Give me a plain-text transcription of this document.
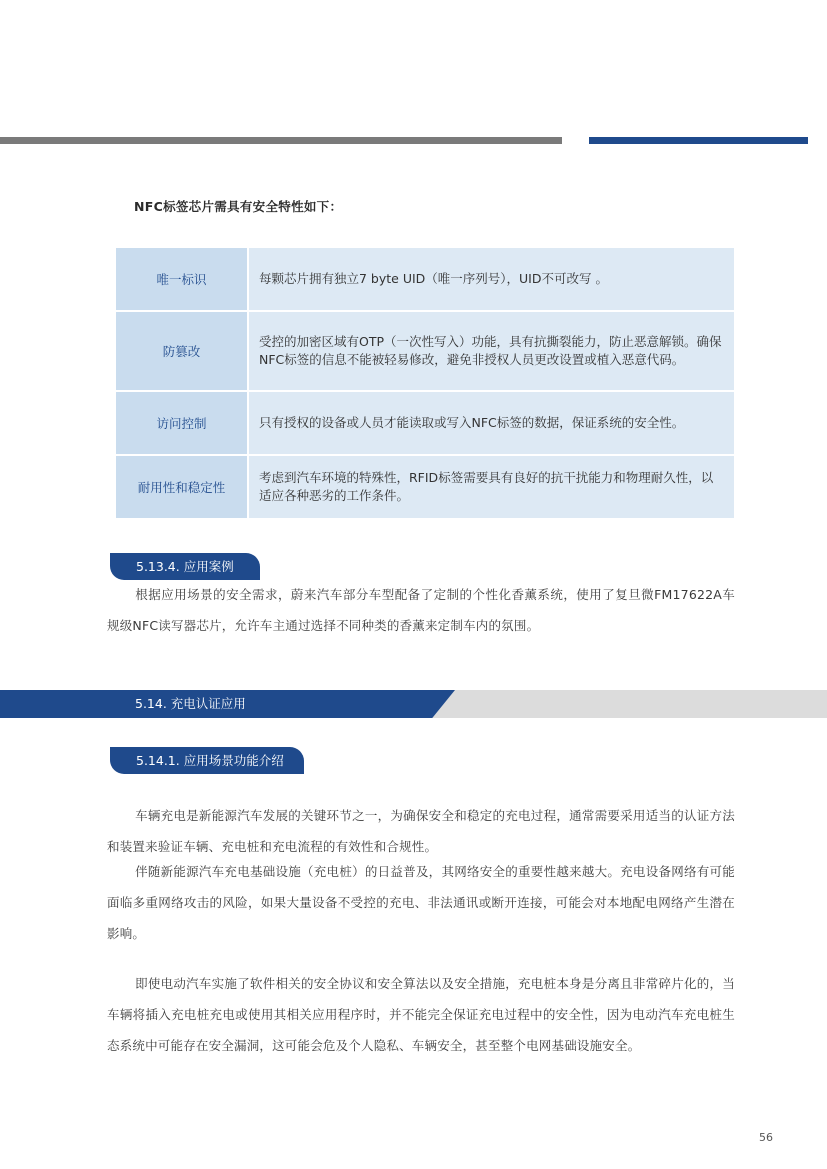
NFC标签芯片需具有安全特性如下：
唯一标识	每颗芯片拥有独立7 byte UID（唯一序列号），UID不可改写 。
防篡改	受控的加密区域有OTP（一次性写入）功能，具有抗撕裂能力，防止恶意解锁。确保NFC标签的信息不能被轻易修改，避免非授权人员更改设置或植入恶意代码。
访问控制	只有授权的设备或人员才能读取或写入NFC标签的数据，保证系统的安全性。
耐用性和稳定性	考虑到汽车环境的特殊性，RFID标签需要具有良好的抗干扰能力和物理耐久性，以适应各种恶劣的工作条件。
5.13.4. 应用案例
根据应用场景的安全需求，蔚来汽车部分车型配备了定制的个性化香薰系统，使用了复旦微FM17622A车规级NFC读写器芯片，允许车主通过选择不同种类的香薰来定制车内的氛围。
5.14. 充电认证应用
5.14.1. 应用场景功能介绍
车辆充电是新能源汽车发展的关键环节之一，为确保安全和稳定的充电过程，通常需要采用适当的认证方法和装置来验证车辆、充电桩和充电流程的有效性和合规性。
伴随新能源汽车充电基础设施（充电桩）的日益普及，其网络安全的重要性越来越大。充电设备网络有可能面临多重网络攻击的风险，如果大量设备不受控的充电、非法通讯或断开连接，可能会对本地配电网络产生潜在影响。
即使电动汽车实施了软件相关的安全协议和安全算法以及安全措施，充电桩本身是分离且非常碎片化的，当车辆将插入充电桩充电或使用其相关应用程序时，并不能完全保证充电过程中的安全性，因为电动汽车充电桩生态系统中可能存在安全漏洞，这可能会危及个人隐私、车辆安全，甚至整个电网基础设施安全。
56
